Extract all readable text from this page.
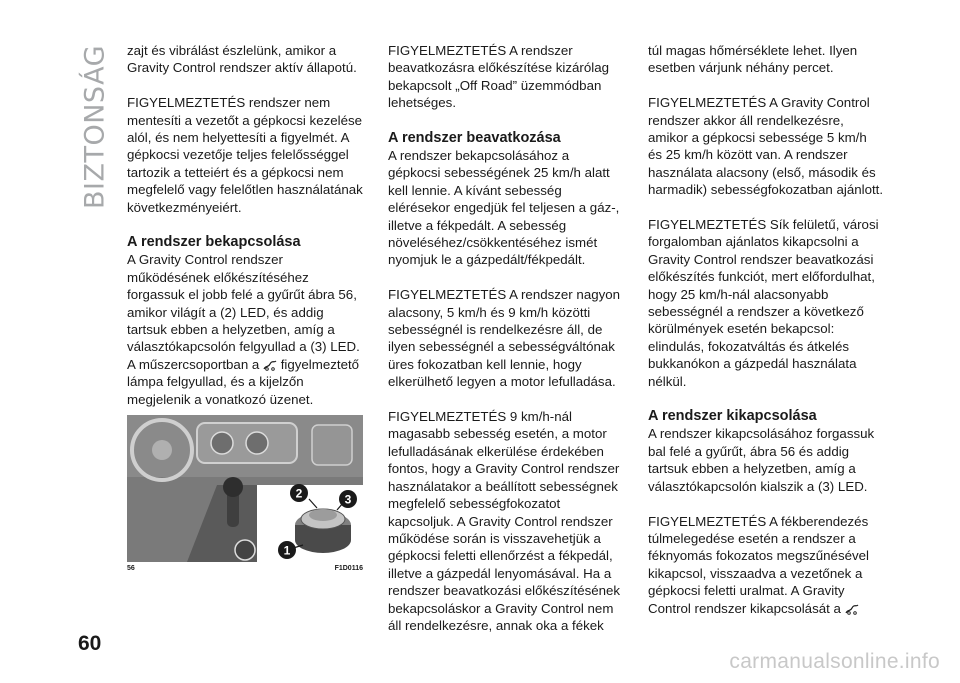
BIZTONSÁG zajt és vibrálást észlelünk, amikor a Gravity Control rendszer aktív állapotú.

FIGYELMEZTETÉS rendszer nem mentesíti a vezetőt a gépkocsi kezelése alól, és nem helyettesíti a figyelmét. A gépkocsi vezetője teljes felelősséggel tartozik a tetteiért és a gépkocsi nem megfelelő vagy felelőtlen használatának következményeiért.

A rendszer bekapcsolása

A Gravity Control rendszer működésének előkészítéséhez forgassuk el jobb felé a gyűrűt ábra 56, amikor világít a (2) LED, és addig tartsuk ebben a helyzetben, amíg a választókapcsolón felgyullad a (3) LED. A műszercsoportban a figyelmeztető lámpa felgyullad, és a kijelzőn megjelenik a vonatkozó üzenet.

1
2	3
56	F1D0116

FIGYELMEZTETÉS A rendszer beavatkozásra előkészítése kizárólag bekapcsolt „Off Road” üzemmódban lehetséges.

A rendszer beavatkozása

A rendszer bekapcsolásához a gépkocsi sebességének 25 km/h alatt kell lennie. A kívánt sebesség elérésekor engedjük fel teljesen a gáz-, illetve a fékpedált. A sebesség növeléséhez/csökkentéséhez ismét nyomjuk le a gázpedált/fékpedált.

FIGYELMEZTETÉS A rendszer nagyon alacsony, 5 km/h és 9 km/h közötti sebességnél is rendelkezésre áll, de ilyen sebességnél a sebességváltónak üres fokozatban kell lennie, hogy elkerülhető legyen a motor lefulladása.

FIGYELMEZTETÉS 9 km/h-nál magasabb sebesség esetén, a motor lefulladásának elkerülése érdekében fontos, hogy a Gravity Control rendszer használatakor a beállított sebességnek megfelelő sebességfokozatot kapcsoljuk. A Gravity Control rendszer működése során is visszavehetjük a gépkocsi feletti ellenőrzést a fékpedál, illetve a gázpedál lenyomásával. Ha a rendszer beavatkozási előkészítésének bekapcsoláskor a Gravity Control nem áll rendelkezésre, annak oka a fékek

túl magas hőmérséklete lehet. Ilyen esetben várjunk néhány percet.

FIGYELMEZTETÉS A Gravity Control rendszer akkor áll rendelkezésre, amikor a gépkocsi sebessége 5 km/h és 25 km/h között van. A rendszer használata alacsony (első, második és harmadik) sebességfokozatban ajánlott.

FIGYELMEZTETÉS Sík felületű, városi forgalomban ajánlatos kikapcsolni a Gravity Control rendszer beavatkozási előkészítés funkciót, mert előfordulhat, hogy 25 km/h-nál alacsonyabb sebességnél a rendszer a következő körülmények esetén bekapcsol: elindulás, fokozatváltás és átkelés bukkanókon a gázpedál használata nélkül.

A rendszer kikapcsolása

A rendszer kikapcsolásához forgassuk bal felé a gyűrűt, ábra 56 és addig tartsuk ebben a helyzetben, amíg a választókapcsolón kialszik a (3) LED.

FIGYELMEZTETÉS A fékberendezés túlmelegedése esetén a rendszer a féknyomás fokozatos megszűnésével kikapcsol, visszaadva a vezetőnek a gépkocsi feletti uralmat. A Gravity Control rendszer kikapcsolását a

60
carmanualsonline.info
